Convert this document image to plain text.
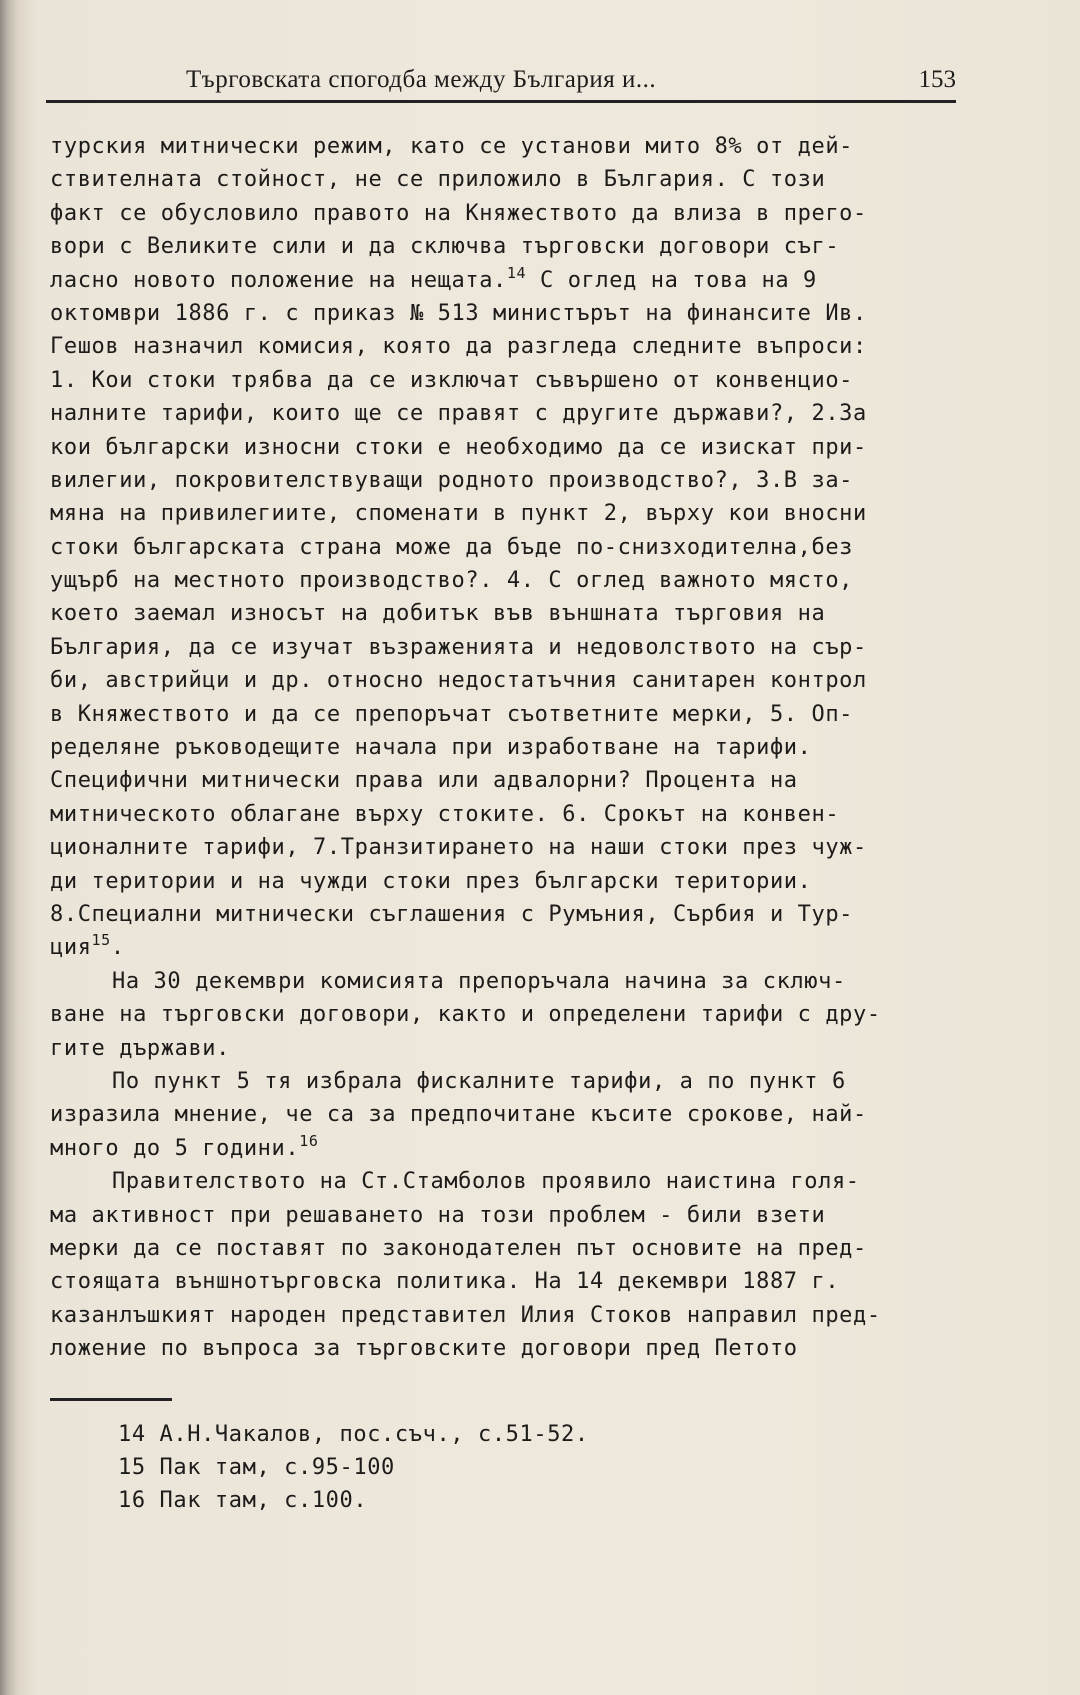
Търговската спогодба между България и...	153
турския митнически режим, като се установи мито 8% от дей-
ствителната стойност, не се приложило в България. С този
факт се обусловило правото на Княжеството да влиза в прего-
вори с Великите сили и да сключва търговски договори съг-
ласно новото положение на нещата.$^{14}$ С оглед на това на 9
октомври 1886 г. с приказ № 513 министърът на финансите Ив.
Гешов назначил комисия, която да разгледа следните въпроси:
1. Кои стоки трябва да се изключат съвършено от конвенцио-
налните тарифи, които ще се правят с другите държави?, 2.За
кои български износни стоки е необходимо да се изискат при-
вилегии, покровителствуващи родното производство?, 3.В за-
мяна на привилегиите, споменати в пункт 2, върху кои вносни
стоки българската страна може да бъде по-снизходителна,без
ущърб на местното производство?. 4. С оглед важното място,
което заемал износът на добитък във външната търговия на
България, да се изучат възраженията и недоволството на сър-
би, австрийци и др. относно недостатъчния санитарен контрол
в Княжеството и да се препоръчат съответните мерки, 5. Оп-
ределяне ръководещите начала при изработване на тарифи.
Специфични митнически права или адвалорни? Процента на
митническото облагане върху стоките. 6. Срокът на конвен-
ционалните тарифи, 7.Транзитирането на наши стоки през чуж-
ди територии и на чужди стоки през български територии.
8.Специални митнически съглашения с Румъния, Сърбия и Тур-
ция$^{15}$.
На 30 декември комисията препоръчала начина за сключ-
ване на търговски договори, както и определени тарифи с дру-
гите държави.
По пункт 5 тя избрала фискалните тарифи, а по пункт 6
изразила мнение, че са за предпочитане късите срокове, най-
много до 5 години.$^{16}$
Правителството на Ст.Стамболов проявило наистина голя-
ма активност при решаването на този проблем - били взети
мерки да се поставят по законодателен път основите на пред-
стоящата външнотърговска политика. На 14 декември 1887 г.
казанлъшкият народен представител Илия Стоков направил пред-
ложение по въпроса за търговските договори пред Петото
14 А.Н.Чакалов, пос.съч., с.51-52.
15 Пак там, с.95-100
16 Пак там, с.100.
